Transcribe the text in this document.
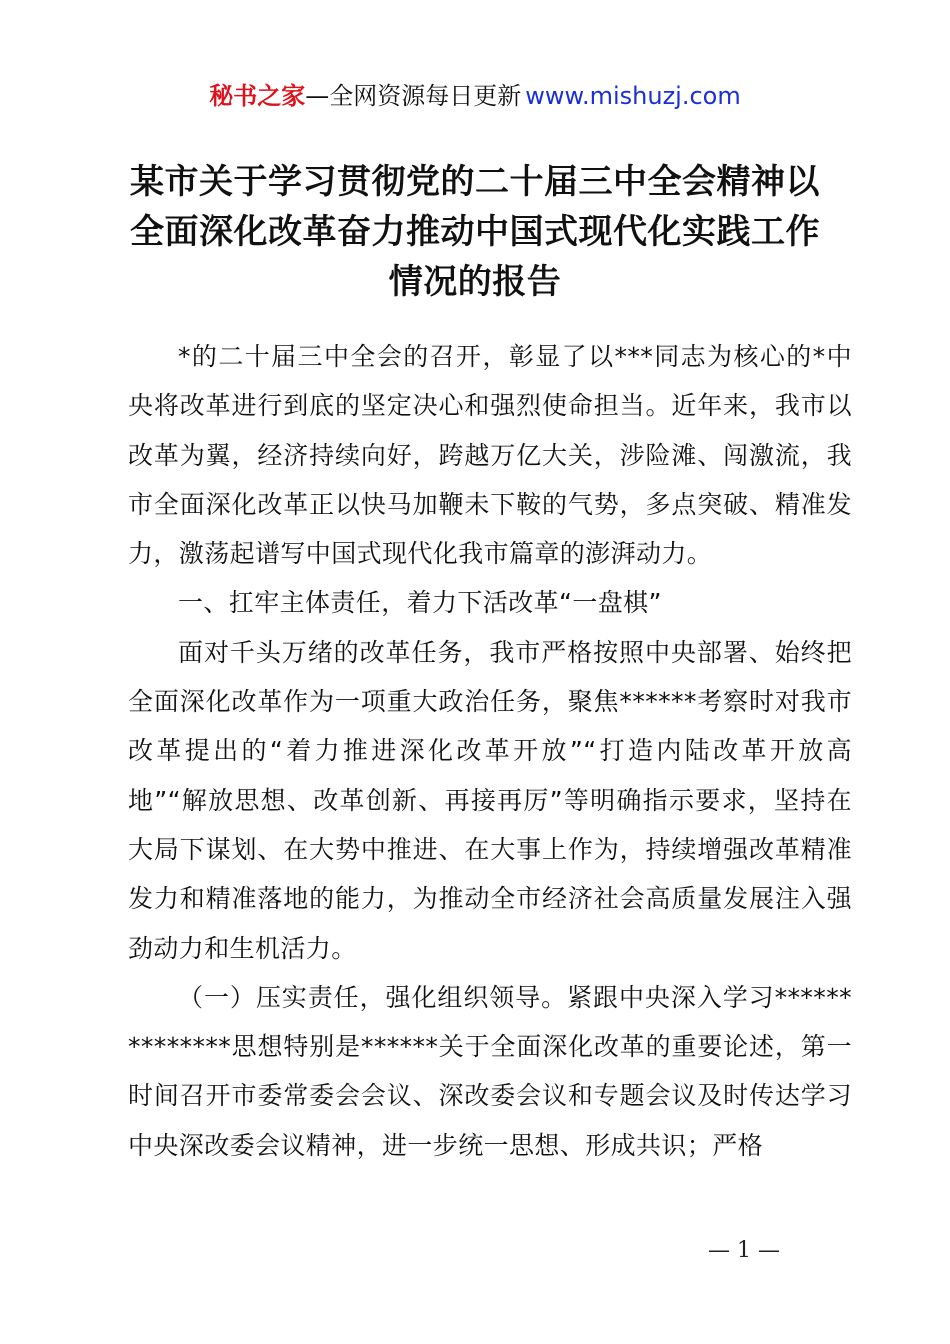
秘书之家—全网资源每日更新 www.mishuzj.com
某市关于学习贯彻党的二十届三中全会精神以
全面深化改革奋力推动中国式现代化实践工作
情况的报告

*的二十届三中全会的召开，彰显了以***同志为核心的*中央将改革进行到底的坚定决心和强烈使命担当。近年来，我市以改革为翼，经济持续向好，跨越万亿大关，涉险滩、闯激流，我市全面深化改革正以快马加鞭未下鞍的气势，多点突破、精准发力，激荡起谱写中国式现代化我市篇章的澎湃动力。

一、扛牢主体责任，着力下活改革“一盘棋”

面对千头万绪的改革任务，我市严格按照中央部署、始终把全面深化改革作为一项重大政治任务，聚焦******考察时对我市改革提出的“着力推进深化改革开放”“打造内陆改革开放高地”“解放思想、改革创新、再接再厉”等明确指示要求，坚持在大局下谋划、在大势中推进、在大事上作为，持续增强改革精准发力和精准落地的能力，为推动全市经济社会高质量发展注入强劲动力和生机活力。

（一）压实责任，强化组织领导。紧跟中央深入学习**************思想特别是******关于全面深化改革的重要论述，第一时间召开市委常委会会议、深改委会议和专题会议及时传达学习中央深改委会议精神，进一步统一思想、形成共识；严格

— 1 —
